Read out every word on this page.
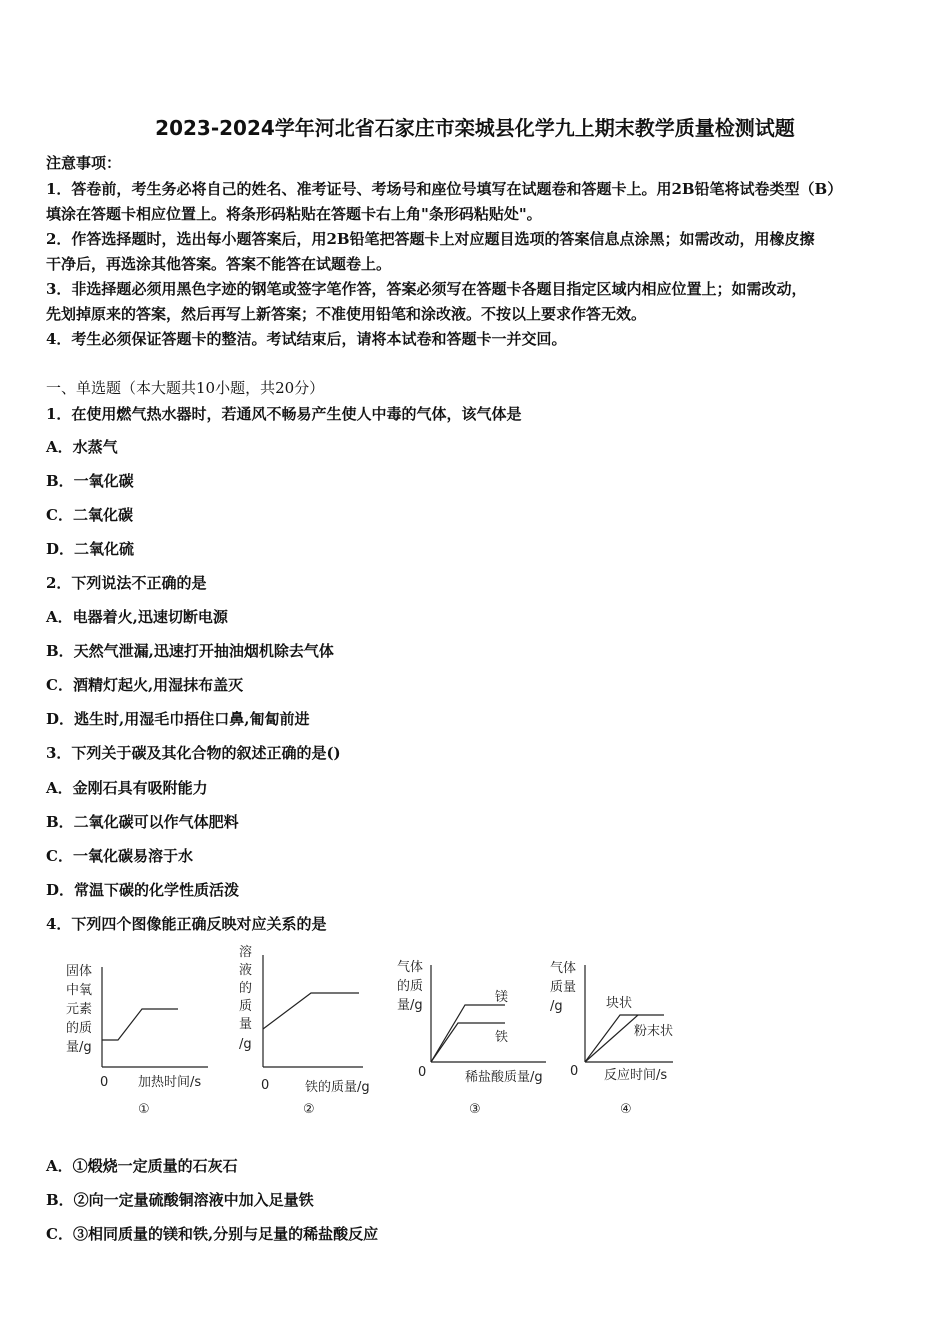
2023-2024学年河北省石家庄市栾城县化学九上期末教学质量检测试题
注意事项：
1．答卷前，考生务必将自己的姓名、准考证号、考场号和座位号填写在试题卷和答题卡上。用2B铅笔将试卷类型（B）
填涂在答题卡相应位置上。将条形码粘贴在答题卡右上角"条形码粘贴处"。
2．作答选择题时，选出每小题答案后，用2B铅笔把答题卡上对应题目选项的答案信息点涂黑；如需改动，用橡皮擦
干净后，再选涂其他答案。答案不能答在试题卷上。
3．非选择题必须用黑色字迹的钢笔或签字笔作答，答案必须写在答题卡各题目指定区域内相应位置上；如需改动，
先划掉原来的答案，然后再写上新答案；不准使用铅笔和涂改液。不按以上要求作答无效。
4．考生必须保证答题卡的整洁。考试结束后，请将本试卷和答题卡一并交回。
一、单选题（本大题共10小题，共20分）
1．在使用燃气热水器时，若通风不畅易产生使人中毒的气体，该气体是
A．水蒸气
B．一氧化碳
C．二氧化碳
D．二氧化硫
2．下列说法不正确的是
A．电器着火,迅速切断电源
B．天然气泄漏,迅速打开抽油烟机除去气体
C．酒精灯起火,用湿抹布盖灭
D．逃生时,用湿毛巾捂住口鼻,匍匐前进
3．下列关于碳及其化合物的叙述正确的是()
A．金刚石具有吸附能力
B．二氧化碳可以作气体肥料
C．一氧化碳易溶于水
D．常温下碳的化学性质活泼
4．下列四个图像能正确反映对应关系的是
固体
中氧
元素
的质
量/g
0 加热时间/s
①
溶
液
的
质
量
/g
0	铁的质量/g
②
气体
的质
量/g
镁
铁
0	稀盐酸质量/g
③
气体
质量
/g	块状
粉末状
0 反应时间/s
④
A．①煅烧一定质量的石灰石
B．②向一定量硫酸铜溶液中加入足量铁
C．③相同质量的镁和铁,分别与足量的稀盐酸反应
